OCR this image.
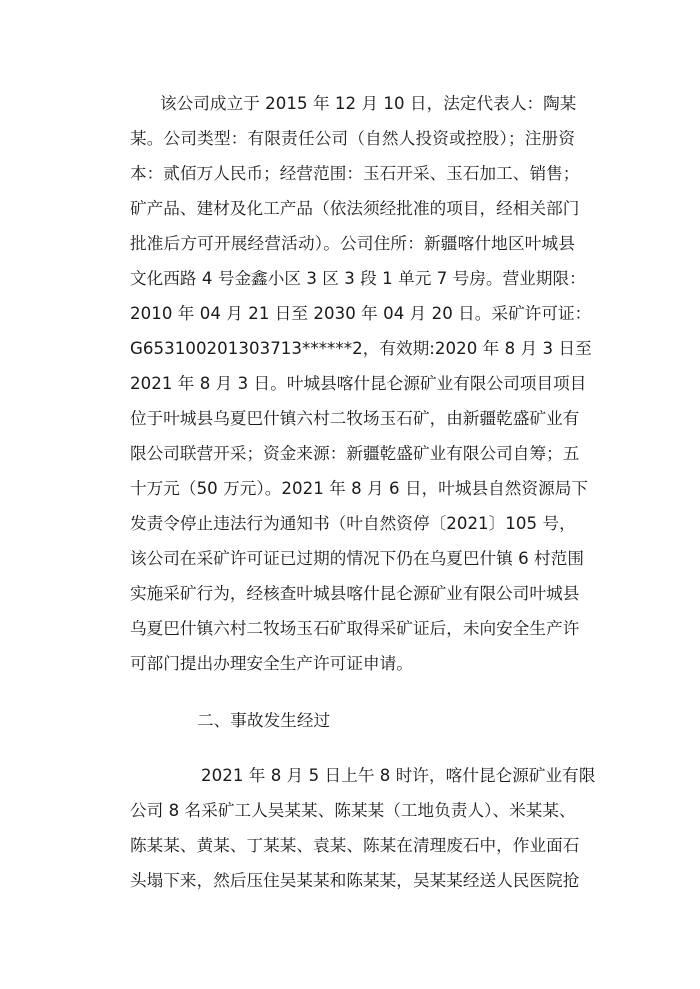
该公司成立于 2015 年 12 月 10 日，法定代表人：陶某
某。公司类型：有限责任公司（自然人投资或控股）；注册资
本：贰佰万人民币；经营范围：玉石开采、玉石加工、销售；
矿产品、建材及化工产品（依法须经批准的项目，经相关部门
批准后方可开展经营活动）。公司住所：新疆喀什地区叶城县
文化西路 4 号金鑫小区 3 区 3 段 1 单元 7 号房。营业期限：
2010 年 04 月 21 日至 2030 年 04 月 20 日。采矿许可证：
G653100201303713******2，有效期:2020 年 8 月 3 日至
2021 年 8 月 3 日。叶城县喀什昆仑源矿业有限公司项目项目
位于叶城县乌夏巴什镇六村二牧场玉石矿，由新疆乾盛矿业有
限公司联营开采；资金来源：新疆乾盛矿业有限公司自筹；五
十万元（50 万元）。2021 年 8 月 6 日，叶城县自然资源局下
发责令停止违法行为通知书（叶自然资停〔2021〕105 号，
该公司在采矿许可证已过期的情况下仍在乌夏巴什镇 6 村范围
实施采矿行为，经核查叶城县喀什昆仑源矿业有限公司叶城县
乌夏巴什镇六村二牧场玉石矿取得采矿证后，未向安全生产许
可部门提出办理安全生产许可证申请。
二、事故发生经过
2021 年 8 月 5 日上午 8 时许，喀什昆仑源矿业有限
公司 8 名采矿工人吴某某、陈某某（工地负责人）、米某某、
陈某某、黄某、丁某某、袁某、陈某在清理废石中，作业面石
头塌下来，然后压住吴某某和陈某某，吴某某经送人民医院抢
